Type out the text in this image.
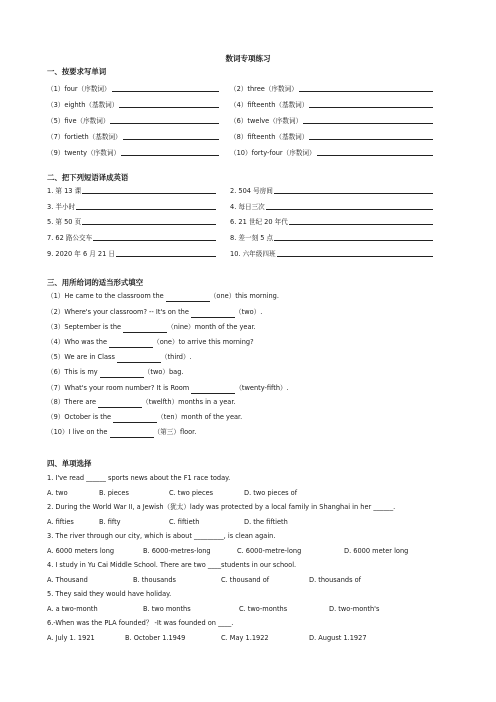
数词专项练习
一、按要求写单词
（1）four（序数词）	（2）three（序数词）
（3）eighth（基数词）	（4）fifteenth（基数词）
（5）five（序数词）	（6）twelve（序数词）
（7）fortieth（基数词）	（8）fifteenth（基数词）
（9）twenty（序数词）	（10）forty-four（序数词）
二、把下列短语译成英语
1. 第 13 课	2. 504 号房间
3. 半小时	4. 每日三次
5. 第 50 页	6. 21 世纪 20 年代
7. 62 路公交车	8. 差一刻 5 点
9. 2020 年 6 月 21 日	10. 六年级四班
三、用所给词的适当形式填空
（1）He came to the classroom the	（one）this morning.
（2）Where's your classroom? -- It's on the	（two）.
（3）September is the	（nine）month of the year.
（4）Who was the	（one）to arrive this morning?
（5）We are in Class	（third）.
（6）This is my	（two）bag.
（7）What's your room number? It is Room	（twenty-fifth）.
（8）There are	（twelfth）months in a year.
（9）October is the	（ten）month of the year.
（10）I live on the	（第三）floor.
四、单项选择
1. I've read ______ sports news about the F1 race today.
A. two	B. pieces	C. two pieces	D. two pieces of
2. During the World War II, a Jewish（犹太）lady was protected by a local family in Shanghai in her ______.
A. fifties	B. fifty	C. fiftieth	D. the fiftieth
3. The river through our city, which is about _________, is clean again.
A. 6000 meters long	B. 6000-metres-long	C. 6000-metre-long	D. 6000 meter long
4. I study in Yu Cai Middle School. There are two ____students in our school.
A. Thousand	B. thousands	C. thousand of	D. thousands of
5. They said they would have holiday.
A. a two-month	B. two months	C. two-months	D. two-month's
6.-When was the PLA founded？ -It was founded on ____.
A. July 1. 1921	B. October 1.1949	C. May 1.1922	D. August 1.1927
